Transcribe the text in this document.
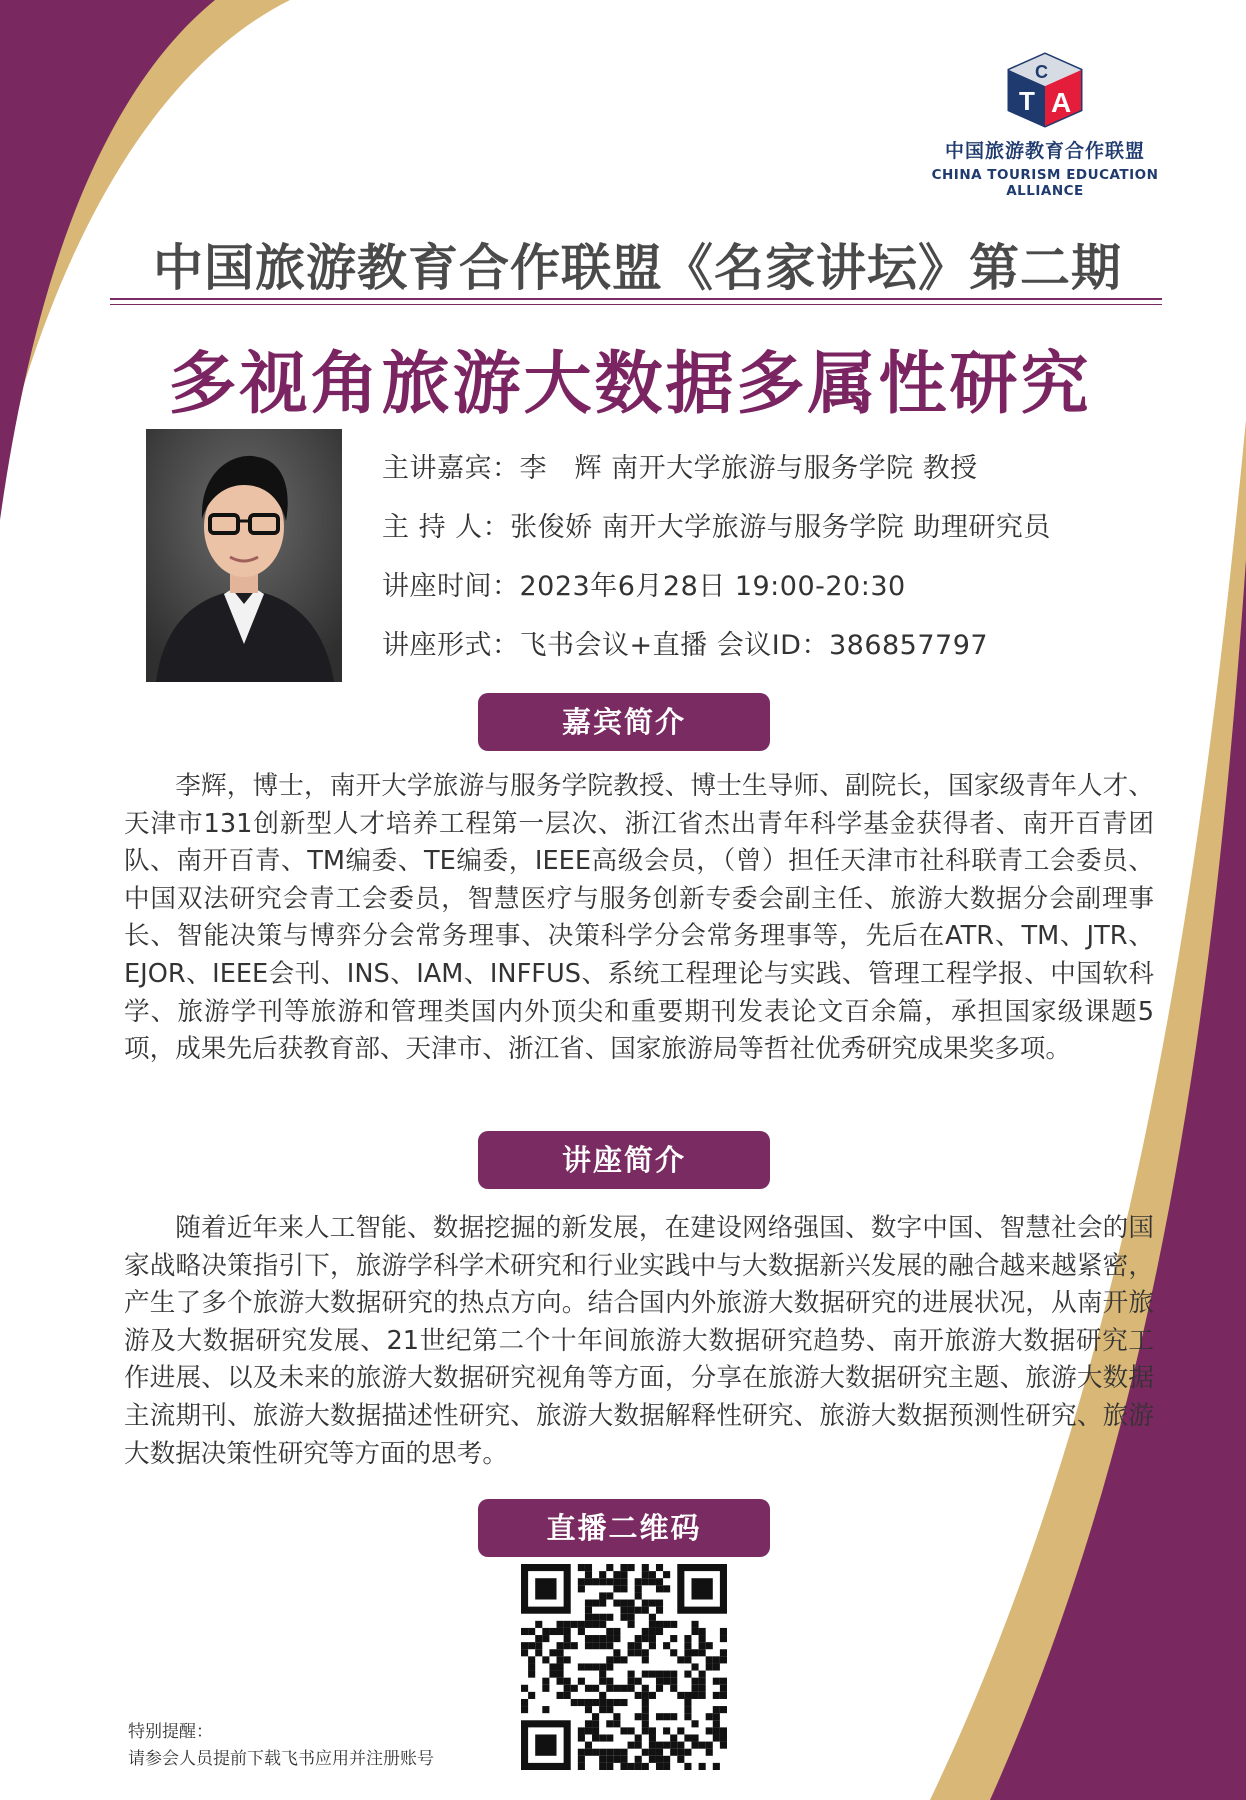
T A
C
中国旅游教育合作联盟
CHINA TOURISM EDUCATION ALLIANCE
中国旅游教育合作联盟《名家讲坛》第二期
多视角旅游大数据多属性研究
主讲嘉宾：李　辉 南开大学旅游与服务学院 教授
主 持 人：张俊娇 南开大学旅游与服务学院 助理研究员
讲座时间：2023年6月28日 19:00-20:30
讲座形式：飞书会议+直播 会议ID：386857797
嘉宾简介
李辉，博士，南开大学旅游与服务学院教授、博士生导师、副院长，国家级青年人才、天津市131创新型人才培养工程第一层次、浙江省杰出青年科学基金获得者、南开百青团队、南开百青、TM编委、TE编委，IEEE高级会员，（曾）担任天津市社科联青工会委员、中国双法研究会青工会委员，智慧医疗与服务创新专委会副主任、旅游大数据分会副理事长、智能决策与博弈分会常务理事、决策科学分会常务理事等，先后在ATR、TM、JTR、EJOR、IEEE会刊、INS、IAM、INFFUS、系统工程理论与实践、管理工程学报、中国软科学、旅游学刊等旅游和管理类国内外顶尖和重要期刊发表论文百余篇，承担国家级课题5项，成果先后获教育部、天津市、浙江省、国家旅游局等哲社优秀研究成果奖多项。
讲座简介
随着近年来人工智能、数据挖掘的新发展，在建设网络强国、数字中国、智慧社会的国家战略决策指引下，旅游学科学术研究和行业实践中与大数据新兴发展的融合越来越紧密，产生了多个旅游大数据研究的热点方向。结合国内外旅游大数据研究的进展状况，从南开旅游及大数据研究发展、21世纪第二个十年间旅游大数据研究趋势、南开旅游大数据研究工作进展、以及未来的旅游大数据研究视角等方面，分享在旅游大数据研究主题、旅游大数据主流期刊、旅游大数据描述性研究、旅游大数据解释性研究、旅游大数据预测性研究、旅游大数据决策性研究等方面的思考。
直播二维码
特别提醒：
请参会人员提前下载飞书应用并注册账号
